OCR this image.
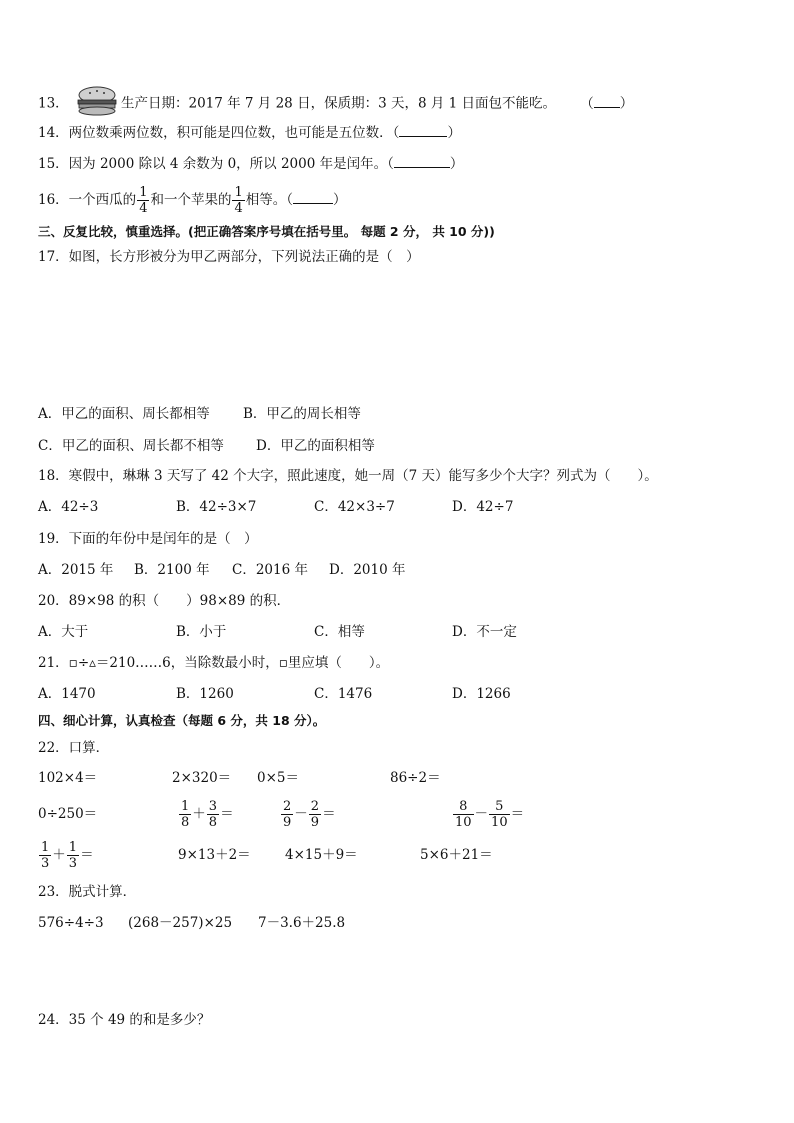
13．	生产日期：2017 年 7 月 28 日，保质期：3 天，8 月 1 日面包不能吃。 （ ）
14．两位数乘两位数，积可能是四位数，也可能是五位数．（	）
15．因为 2000 除以 4 余数为 0，所以 2000 年是闰年。（	）
16．一个西瓜的 $\frac{1}{4}$ 和一个苹果的 $\frac{1}{4}$ 相等。（	）
三、反复比较，慎重选择。(把正确答案序号填在括号里。 每题 2 分， 共 10 分))
17．如图，长方形被分为甲乙两部分，下列说法正确的是（　）
A．甲乙的面积、周长都相等 B．甲乙的周长相等
C．甲乙的面积、周长都不相等 D．甲乙的面积相等
18．寒假中，琳琳 3 天写了 42 个大字，照此速度，她一周（7 天）能写多少个大字？列式为（　　）。
A．42÷3	B．42÷3×7	C．42×3÷7	D．42÷7
19．下面的年份中是闰年的是（　）
A．2015 年 B．2100 年 C．2016 年 D．2010 年
20．89×98 的积（　　）98×89 的积．
A．大于	B．小于	C．相等	D．不一定
21．▫÷▵＝210……6，当除数最小时，▫里应填（　　）。
A．1470	B．1260	C．1476	D．1266
四、细心计算，认真检查（每题 6 分，共 18 分）。
22．口算．
102×4＝	2×320＝ 0×5＝	86÷2＝
0÷250＝	$\frac{1}{8} + \frac{3}{8}$ ＝	$\frac{2}{9} - \frac{2}{9}$ ＝	$\frac{8}{10} - \frac{5}{10}$ ＝
$\frac{1}{3} + \frac{1}{3}$ ＝	9×13＋2＝	4×15＋9＝	5×6＋21＝
23．脱式计算．
576÷4÷3 (268－257)×25 7－3.6＋25.8
24．35 个 49 的和是多少？
